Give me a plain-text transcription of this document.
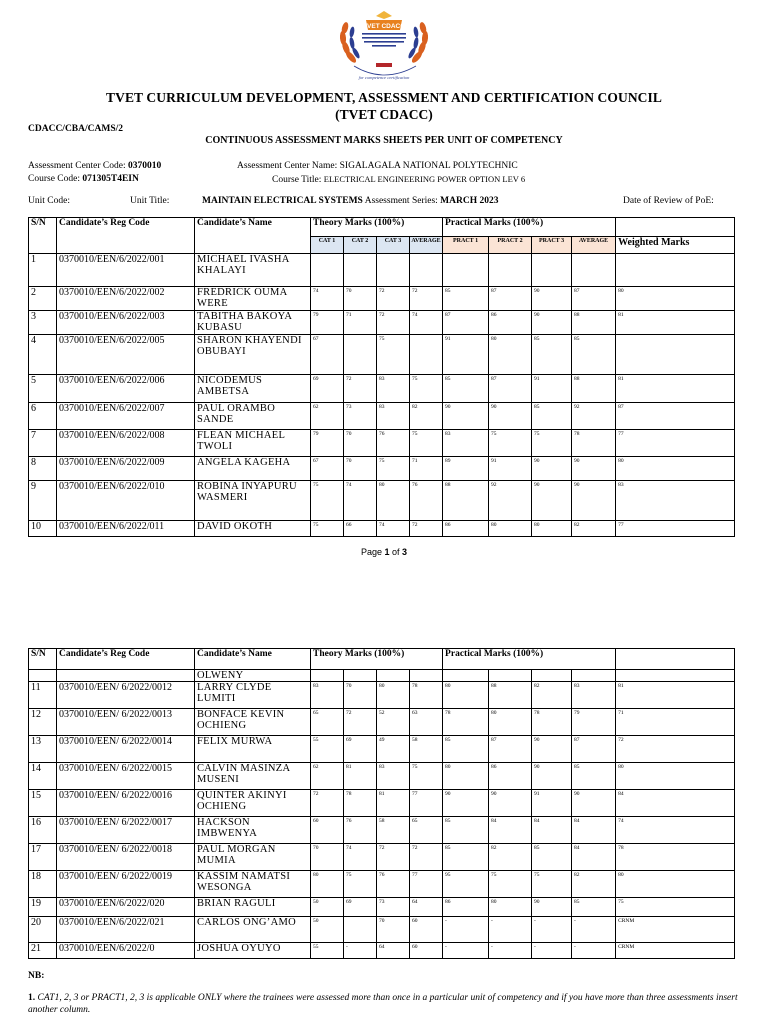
TVET CDACC
for competence certification
TVET CURRICULUM DEVELOPMENT, ASSESSMENT AND CERTIFICATION COUNCIL
(TVET CDACC)
CDACC/CBA/CAMS/2
CONTINUOUS ASSESSMENT MARKS SHEETS PER UNIT OF COMPETENCY
Assessment Center Code: 0370010	Assessment Center Name: SIGALAGALA NATIONAL POLYTECHNIC
Course Code: 071305T4EIN	Course Title: ELECTRICAL ENGINEERING POWER OPTION LEV 6
Unit Code:	Unit Title:	MAINTAIN ELECTRICAL SYSTEMS Assessment Series: MARCH 2023	Date of Review of PoE:
S/N	Candidate’s Reg Code	Candidate’s Name	Theory Marks (100%)				Practical Marks (100%)				
			CAT 1	CAT 2	CAT 3	AVERAGE	PRACT 1	PRACT 2	PRACT 3	AVERAGE	Weighted Marks
1	0370010/EEN/6/2022/001	MICHAEL IVASHA KHALAYI									
2	0370010/EEN/6/2022/002	FREDRICK OUMA WERE	74	70	72	72	85	87	90	87	80
3	0370010/EEN/6/2022/003	TABITHA BAKOYA KUBASU	79	71	72	74	87	86	90	88	81
4	0370010/EEN/6/2022/005	SHARON KHAYENDI OBUBAYI	67		75		91	80	85	85	
5	0370010/EEN/6/2022/006	NICODEMUS AMBETSA	69	72	83	75	85	87	91	88	81
6	0370010/EEN/6/2022/007	PAUL ORAMBO SANDE	62	73	83	82	90	90	85	92	87
7	0370010/EEN/6/2022/008	FLEAN MICHAEL TWOLI	79	70	76	75	83	75	75	78	77
8	0370010/EEN/6/2022/009	ANGELA KAGEHA	67	70	75	71	89	91	90	90	80
9	0370010/EEN/6/2022/010	ROBINA INYAPURU WASMERI	75	74	80	76	88	92	90	90	83
10	0370010/EEN/6/2022/011	DAVID OKOTH	75	66	74	72	86	80	80	82	77
Page 1 of 3
S/N	Candidate’s Reg Code	Candidate’s Name	Theory Marks (100%)				Practical Marks (100%)				
		OLWENY									
11	0370010/EEN/ 6/2022/0012	LARRY CLYDE LUMITI	83	70	80	78	80	88	82	83	81
12	0370010/EEN/ 6/2022/0013	BONFACE KEVIN OCHIENG	65	72	52	63	78	80	78	79	71
13	0370010/EEN/ 6/2022/0014	FELIX MURWA	55	69	49	58	85	87	90	87	72
14	0370010/EEN/ 6/2022/0015	CALVIN MASINZA MUSENI	62	81	83	75	80	86	90	85	80
15	0370010/EEN/ 6/2022/0016	QUINTER AKINYI OCHIENG	72	78	81	77	90	90	91	90	84
16	0370010/EEN/ 6/2022/0017	HACKSON IMBWENYA	60	76	58	65	85	84	84	84	74
17	0370010/EEN/ 6/2022/0018	PAUL MORGAN MUMIA	70	74	72	72	85	82	85	84	78
18	0370010/EEN/ 6/2022/0019	KASSIM NAMATSI WESONGA	80	75	76	77	95	75	75	82	80
19	0370010/EEN/6/2022/020	BRIAN RAGULI	50	69	73	64	86	80	90	85	75
20	0370010/EEN/6/2022/021	CARLOS ONG’AMO	50		70	60	-	-	-	-	CRNM
21	0370010/EEN/6/2022/0	JOSHUA OYUYO	55	-	64	60	-	-	-	-	CRNM
NB:
1. CAT1, 2, 3 or PRACT1, 2, 3 is applicable ONLY where the trainees were assessed more than once in a particular unit of competency and if you have more than three assessments insert another column.
